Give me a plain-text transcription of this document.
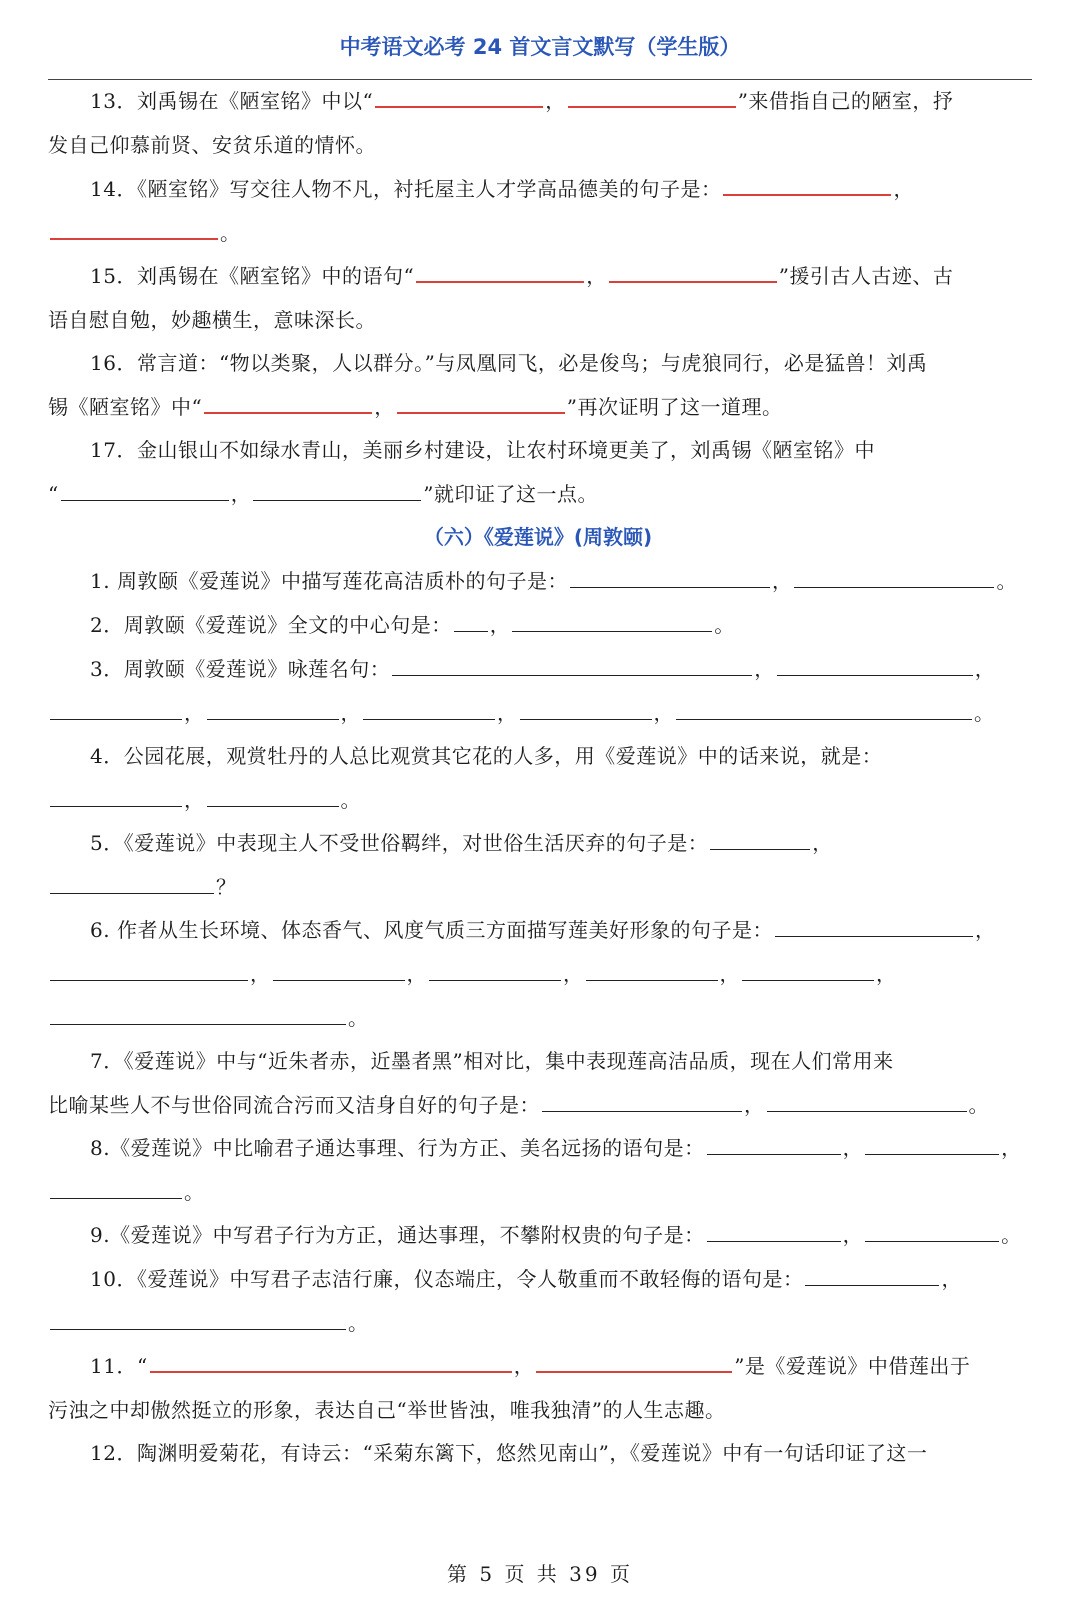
中考语文必考 24 首文言文默写（学生版）
13．刘禹锡在《陋室铭》中以“	，	”来借指自己的陋室，抒
发自己仰慕前贤、安贫乐道的情怀。
14．《陋室铭》写交往人物不凡，衬托屋主人才学高品德美的句子是：	，
。
15．刘禹锡在《陋室铭》中的语句“	，	”援引古人古迹、古
语自慰自勉，妙趣横生，意味深长。
16．常言道：“物以类聚，人以群分。”与凤凰同飞，必是俊鸟；与虎狼同行，必是猛兽！刘禹
锡《陋室铭》中“	，	”再次证明了这一道理。
17．金山银山不如绿水青山，美丽乡村建设，让农村环境更美了，刘禹锡《陋室铭》中
“	，	”就印证了这一点。
（六）《爱莲说》(周敦颐)
1. 周敦颐《爱莲说》中描写莲花高洁质朴的句子是：	，	。
2．周敦颐《爱莲说》全文的中心句是： ，	。
3．周敦颐《爱莲说》咏莲名句：	，	，
，	，	，	，	。
4．公园花展，观赏牡丹的人总比观赏其它花的人多，用《爱莲说》中的话来说，就是：
，	。
5．《爱莲说》中表现主人不受世俗羁绊，对世俗生活厌弃的句子是：	，
？
6. 作者从生长环境、体态香气、风度气质三方面描写莲美好形象的句子是：	，
，	，	，	，	，
。
7．《爱莲说》中与“近朱者赤，近墨者黑”相对比，集中表现莲高洁品质，现在人们常用来
比喻某些人不与世俗同流合污而又洁身自好的句子是：	，	。
8.《爱莲说》中比喻君子通达事理、行为方正、美名远扬的语句是：	，	，
。
9.《爱莲说》中写君子行为方正，通达事理，不攀附权贵的句子是：	，	。
10．《爱莲说》中写君子志洁行廉，仪态端庄，令人敬重而不敢轻侮的语句是：	，
。
11．“	，	”是《爱莲说》中借莲出于
污浊之中却傲然挺立的形象，表达自己“举世皆浊，唯我独清”的人生志趣。
12．陶渊明爱菊花，有诗云：“采菊东篱下，悠然见南山”，《爱莲说》中有一句话印证了这一
第 5 页 共 39 页
